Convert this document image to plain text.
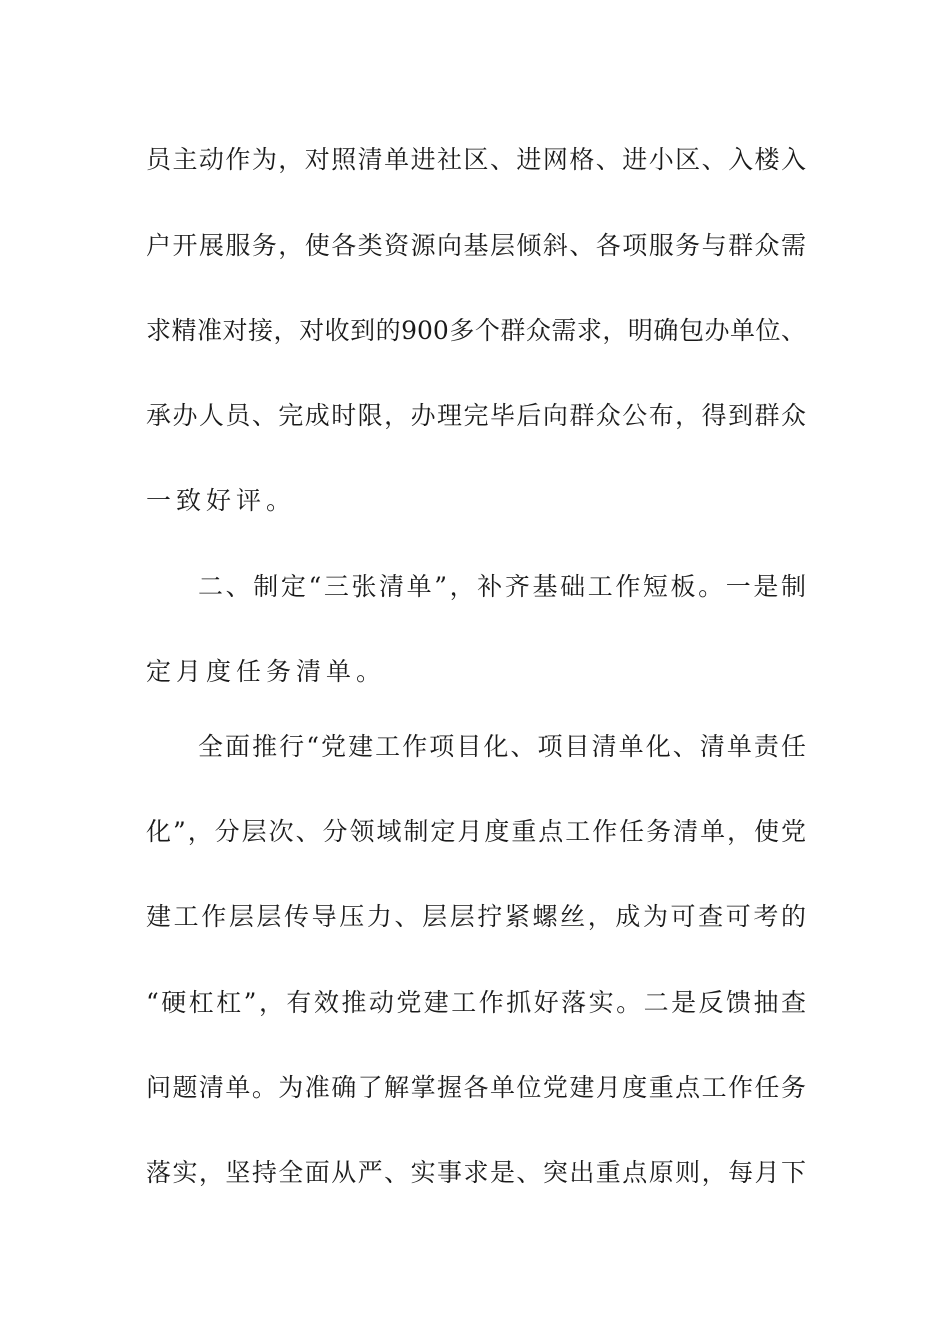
员主动作为，对照清单进社区、进网格、进小区、入楼入
户开展服务，使各类资源向基层倾斜、各项服务与群众需
求精准对接，对收到的900多个群众需求，明确包办单位、
承办人员、完成时限，办理完毕后向群众公布，得到群众
一致好评。
二、制定“三张清单”，补齐基础工作短板。一是制
定月度任务清单。
全面推行“党建工作项目化、项目清单化、清单责任
化”，分层次、分领域制定月度重点工作任务清单，使党
建工作层层传导压力、层层拧紧螺丝，成为可查可考的
“硬杠杠”，有效推动党建工作抓好落实。二是反馈抽查
问题清单。为准确了解掌握各单位党建月度重点工作任务
落实，坚持全面从严、实事求是、突出重点原则，每月下
